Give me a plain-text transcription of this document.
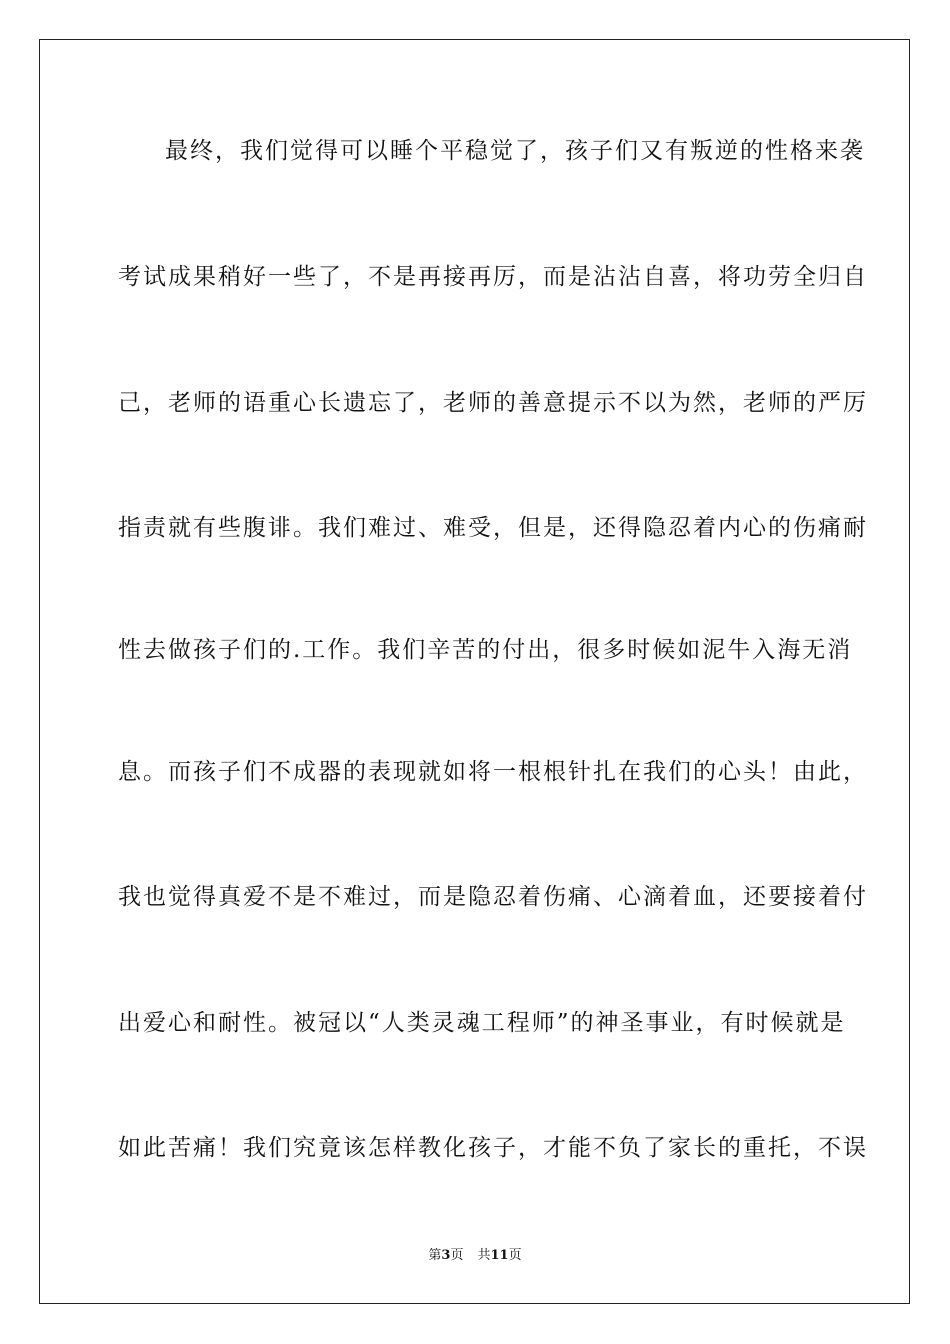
最终，我们觉得可以睡个平稳觉了，孩子们又有叛逆的性格来袭
考试成果稍好一些了，不是再接再厉，而是沾沾自喜，将功劳全归自
己，老师的语重心长遗忘了，老师的善意提示不以为然，老师的严厉
指责就有些腹诽。我们难过、难受，但是，还得隐忍着内心的伤痛耐
性去做孩子们的.工作。我们辛苦的付出，很多时候如泥牛入海无消
息。而孩子们不成器的表现就如将一根根针扎在我们的心头！由此，
我也觉得真爱不是不难过，而是隐忍着伤痛、心滴着血，还要接着付
出爱心和耐性。被冠以“人类灵魂工程师”的神圣事业，有时候就是
如此苦痛！我们究竟该怎样教化孩子，才能不负了家长的重托，不误
第3页 共11页
